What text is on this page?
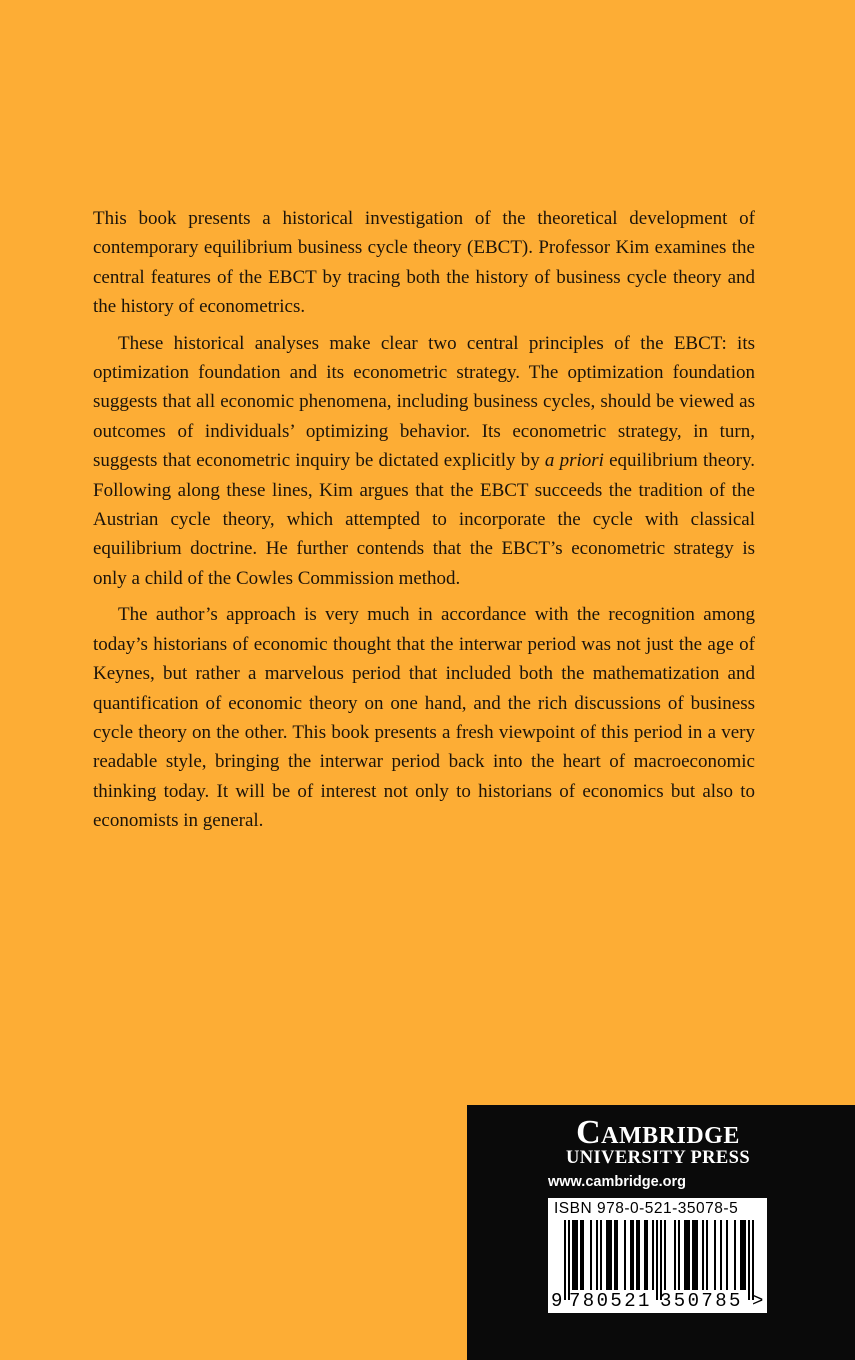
This book presents a historical investigation of the theoretical development of contemporary equilibrium business cycle theory (EBCT). Professor Kim examines the central features of the EBCT by tracing both the history of business cycle theory and the history of econometrics.

These historical analyses make clear two central principles of the EBCT: its optimization foundation and its econometric strategy. The optimization foundation suggests that all economic phenomena, including business cycles, should be viewed as outcomes of individuals’ optimizing behavior. Its econometric strategy, in turn, suggests that econometric inquiry be dictated explicitly by a priori equilibrium theory. Following along these lines, Kim argues that the EBCT succeeds the tradition of the Austrian cycle theory, which attempted to incorporate the cycle with classical equilibrium doctrine. He further contends that the EBCT’s econometric strategy is only a child of the Cowles Commission method.

The author’s approach is very much in accordance with the recognition among today’s historians of economic thought that the interwar period was not just the age of Keynes, but rather a marvelous period that included both the mathematization and quantification of economic theory on one hand, and the rich discussions of business cycle theory on the other. This book presents a fresh viewpoint of this period in a very readable style, bringing the interwar period back into the heart of macroeconomic thinking today. It will be of interest not only to historians of economics but also to economists in general.

Cambridge
UNIVERSITY PRESS
www.cambridge.org
ISBN 978-0-521-35078-5
9 780521 350785 >
